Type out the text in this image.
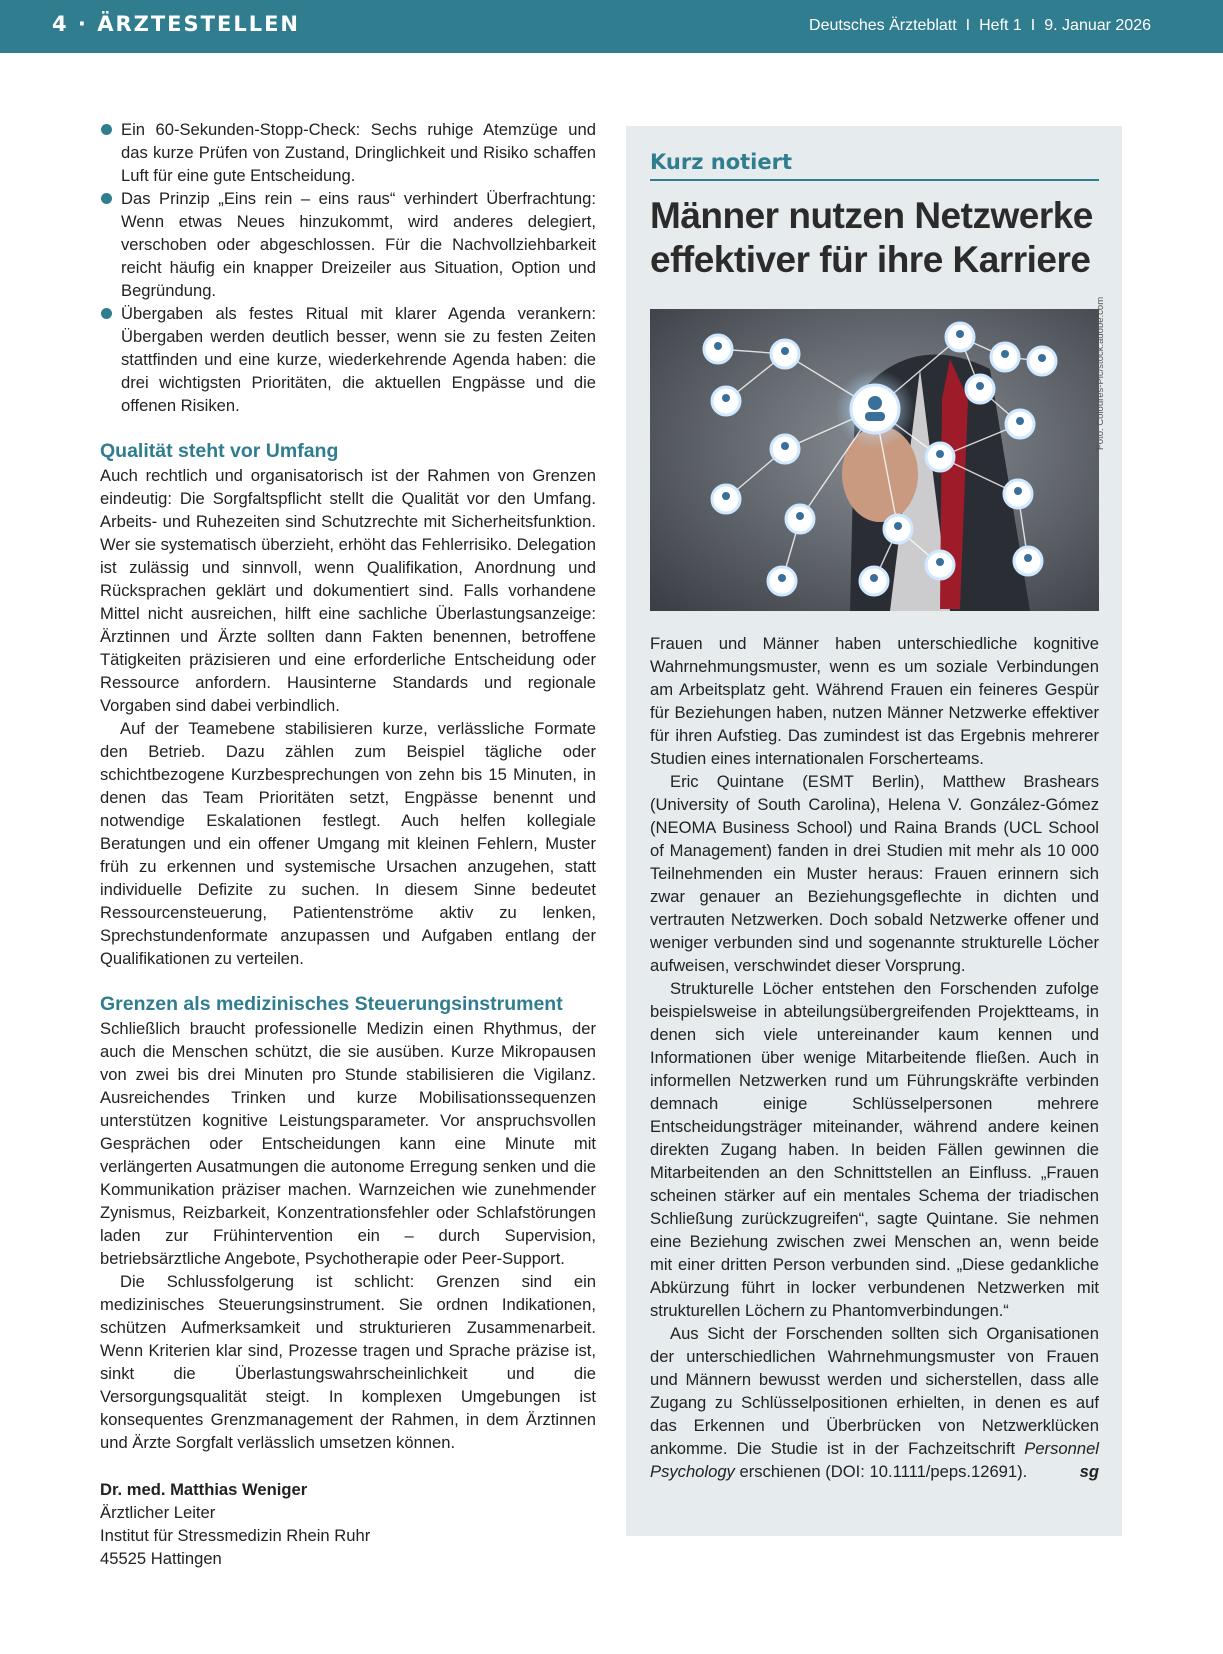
4 · ÄRZTESTELLEN	Deutsches Ärzteblatt I Heft 1 I 9. Januar 2026
Ein 60-Sekunden-Stopp-Check: Sechs ruhige Atemzüge und das kurze Prüfen von Zustand, Dringlichkeit und Risiko schaffen Luft für eine gute Entscheidung.
Das Prinzip „Eins rein – eins raus“ verhindert Überfrachtung: Wenn etwas Neues hinzukommt, wird anderes delegiert, verschoben oder abgeschlossen. Für die Nachvollziehbarkeit reicht häufig ein knapper Dreizeiler aus Situation, Option und Begründung.
Übergaben als festes Ritual mit klarer Agenda verankern: Übergaben werden deutlich besser, wenn sie zu festen Zeiten stattfinden und eine kurze, wiederkehrende Agenda haben: die drei wichtigsten Prioritäten, die aktuellen Engpässe und die offenen Risiken.
Qualität steht vor Umfang

Auch rechtlich und organisatorisch ist der Rahmen von Grenzen eindeutig: Die Sorgfaltspflicht stellt die Qualität vor den Umfang. Arbeits- und Ruhezeiten sind Schutzrechte mit Sicherheitsfunktion. Wer sie systematisch überzieht, erhöht das Fehlerrisiko. Delegation ist zulässig und sinnvoll, wenn Qualifikation, Anordnung und Rücksprachen geklärt und dokumentiert sind. Falls vorhandene Mittel nicht ausreichen, hilft eine sachliche Überlastungsanzeige: Ärztinnen und Ärzte sollten dann Fakten benennen, betroffene Tätigkeiten präzisieren und eine erforderliche Entscheidung oder Ressource anfordern. Hausinterne Standards und regionale Vorgaben sind dabei verbindlich.

Auf der Teamebene stabilisieren kurze, verlässliche Formate den Betrieb. Dazu zählen zum Beispiel tägliche oder schichtbezogene Kurzbesprechungen von zehn bis 15 Minuten, in denen das Team Prioritäten setzt, Engpässe benennt und notwendige Eskalationen festlegt. Auch helfen kollegiale Beratungen und ein offener Umgang mit kleinen Fehlern, Muster früh zu erkennen und systemische Ursachen anzugehen, statt individuelle Defizite zu suchen. In diesem Sinne bedeutet Ressourcensteuerung, Patientenströme aktiv zu lenken, Sprechstundenformate anzupassen und Aufgaben entlang der Qualifikationen zu verteilen.

Grenzen als medizinisches Steuerungsinstrument

Schließlich braucht professionelle Medizin einen Rhythmus, der auch die Menschen schützt, die sie ausüben. Kurze Mikropausen von zwei bis drei Minuten pro Stunde stabilisieren die Vigilanz. Ausreichendes Trinken und kurze Mobilisationssequenzen unterstützen kognitive Leistungsparameter. Vor anspruchsvollen Gesprächen oder Entscheidungen kann eine Minute mit verlängerten Ausatmungen die autonome Erregung senken und die Kommunikation präziser machen. Warnzeichen wie zunehmender Zynismus, Reizbarkeit, Konzentrationsfehler oder Schlafstörungen laden zur Frühintervention ein – durch Supervision, betriebsärztliche Angebote, Psychotherapie oder Peer-Support.

Die Schlussfolgerung ist schlicht: Grenzen sind ein medizinisches Steuerungsinstrument. Sie ordnen Indikationen, schützen Aufmerksamkeit und strukturieren Zusammenarbeit. Wenn Kriterien klar sind, Prozesse tragen und Sprache präzise ist, sinkt die Überlastungswahrscheinlichkeit und die Versorgungsqualität steigt. In komplexen Umgebungen ist konsequentes Grenzmanagement der Rahmen, in dem Ärztinnen und Ärzte Sorgfalt verlässlich umsetzen können.

Dr. med. Matthias Weniger
Ärztlicher Leiter
Institut für Stressmedizin Rhein Ruhr
45525 Hattingen
Kurz notiert
Männer nutzen Netzwerke effektiver für ihre Karriere

Frauen und Männer haben unterschiedliche kognitive Wahrnehmungsmuster, wenn es um soziale Verbindungen am Arbeitsplatz geht. Während Frauen ein feineres Gespür für Beziehungen haben, nutzen Männer Netzwerke effektiver für ihren Aufstieg. Das zumindest ist das Ergebnis mehrerer Studien eines internationalen Forscherteams.

Eric Quintane (ESMT Berlin), Matthew Brashears (University of South Carolina), Helena V. González-Gómez (NEOMA Business School) und Raina Brands (UCL School of Management) fanden in drei Studien mit mehr als 10 000 Teilnehmenden ein Muster heraus: Frauen erinnern sich zwar genauer an Beziehungsgeflechte in dichten und vertrauten Netzwerken. Doch sobald Netzwerke offener und weniger verbunden sind und sogenannte strukturelle Löcher aufweisen, verschwindet dieser Vorsprung.

Strukturelle Löcher entstehen den Forschenden zufolge beispielsweise in abteilungsübergreifenden Projektteams, in denen sich viele untereinander kaum kennen und Informationen über wenige Mitarbeitende fließen. Auch in informellen Netzwerken rund um Führungskräfte verbinden demnach einige Schlüsselpersonen mehrere Entscheidungsträger miteinander, während andere keinen direkten Zugang haben. In beiden Fällen gewinnen die Mitarbeitenden an den Schnittstellen an Einfluss. „Frauen scheinen stärker auf ein mentales Schema der triadischen Schließung zurückzugreifen“, sagte Quintane. Sie nehmen eine Beziehung zwischen zwei Menschen an, wenn beide mit einer dritten Person verbunden sind. „Diese gedankliche Abkürzung führt in locker verbundenen Netzwerken mit strukturellen Löchern zu Phantomverbindungen.“

Aus Sicht der Forschenden sollten sich Organisationen der unterschiedlichen Wahrnehmungsmuster von Frauen und Männern bewusst werden und sicherstellen, dass alle Zugang zu Schlüsselpositionen erhielten, in denen es auf das Erkennen und Überbrücken von Netzwerklücken ankomme. Die Studie ist in der Fachzeitschrift Personnel Psychology erschienen (DOI: 10.1111/peps.12691).	sg

Foto: Coloures-Pic/stock.adobe.com
